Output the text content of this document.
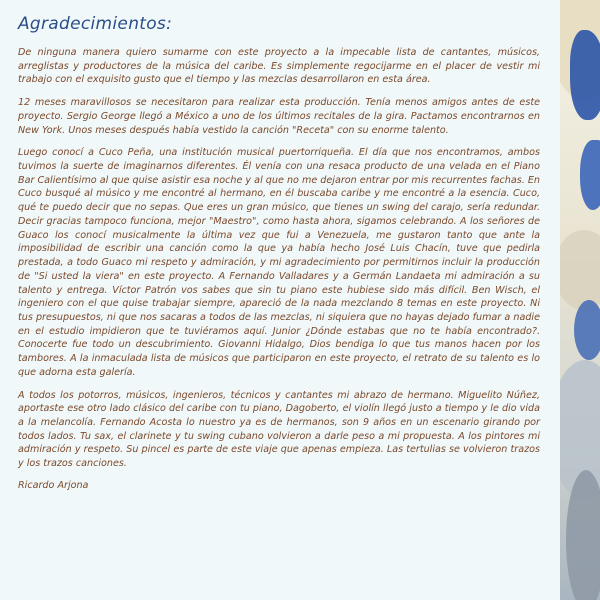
Agradecimientos:

De ninguna manera quiero sumarme con este proyecto a la impecable lista de cantantes, músicos, arreglistas y productores de la música del caribe. Es simplemente regocijarme en el placer de vestir mi trabajo con el exquisito gusto que el tiempo y las mezclas desarrollaron en esta área.

12 meses maravillosos se necesitaron para realizar esta producción. Tenía menos amigos antes de este proyecto. Sergio George llegó a México a uno de los últimos recitales de la gira. Pactamos encontrarnos en New York. Unos meses después había vestido la canción "Receta" con su enorme talento.

Luego conocí a Cuco Peña, una institución musical puertorriqueña. El día que nos encontramos, ambos tuvimos la suerte de imaginarnos diferentes. Él venía con una resaca producto de una velada en el Piano Bar Calientísimo al que quise asistir esa noche y al que no me dejaron entrar por mis recurrentes fachas. En Cuco busqué al músico y me encontré al hermano, en él buscaba caribe y me encontré a la esencia. Cuco, qué te puedo decir que no sepas. Que eres un gran músico, que tienes un swing del carajo, sería redundar. Decir gracias tampoco funciona, mejor "Maestro", como hasta ahora, sigamos celebrando. A los señores de Guaco los conocí musicalmente la última vez que fui a Venezuela, me gustaron tanto que ante la imposibilidad de escribir una canción como la que ya había hecho José Luis Chacín, tuve que pedirla prestada, a todo Guaco mi respeto y admiración, y mi agradecimiento por permitirnos incluir la producción de "Si usted la viera" en este proyecto. A Fernando Valladares y a Germán Landaeta mi admiración a su talento y entrega. Víctor Patrón vos sabes que sin tu piano este hubiese sido más difícil. Ben Wisch, el ingeniero con el que quise trabajar siempre, apareció de la nada mezclando 8 temas en este proyecto. Ni tus presupuestos, ni que nos sacaras a todos de las mezclas, ni siquiera que no hayas dejado fumar a nadie en el estudio impidieron que te tuviéramos aquí. Junior ¿Dónde estabas que no te había encontrado?. Conocerte fue todo un descubrimiento. Giovanni Hidalgo, Dios bendiga lo que tus manos hacen por los tambores. A la inmaculada lista de músicos que participaron en este proyecto, el retrato de su talento es lo que adorna esta galería.

A todos los potorros, músicos, ingenieros, técnicos y cantantes mi abrazo de hermano. Miguelito Núñez, aportaste ese otro lado clásico del caribe con tu piano, Dagoberto, el violín llegó justo a tiempo y le dio vida a la melancolía. Fernando Acosta lo nuestro ya es de hermanos, son 9 años en un escenario girando por todos lados. Tu sax, el clarinete y tu swing cubano volvieron a darle peso a mi propuesta. A los pintores mi admiración y respeto. Su pincel es parte de este viaje que apenas empieza. Las tertulias se volvieron trazos y los trazos canciones.

Ricardo Arjona
